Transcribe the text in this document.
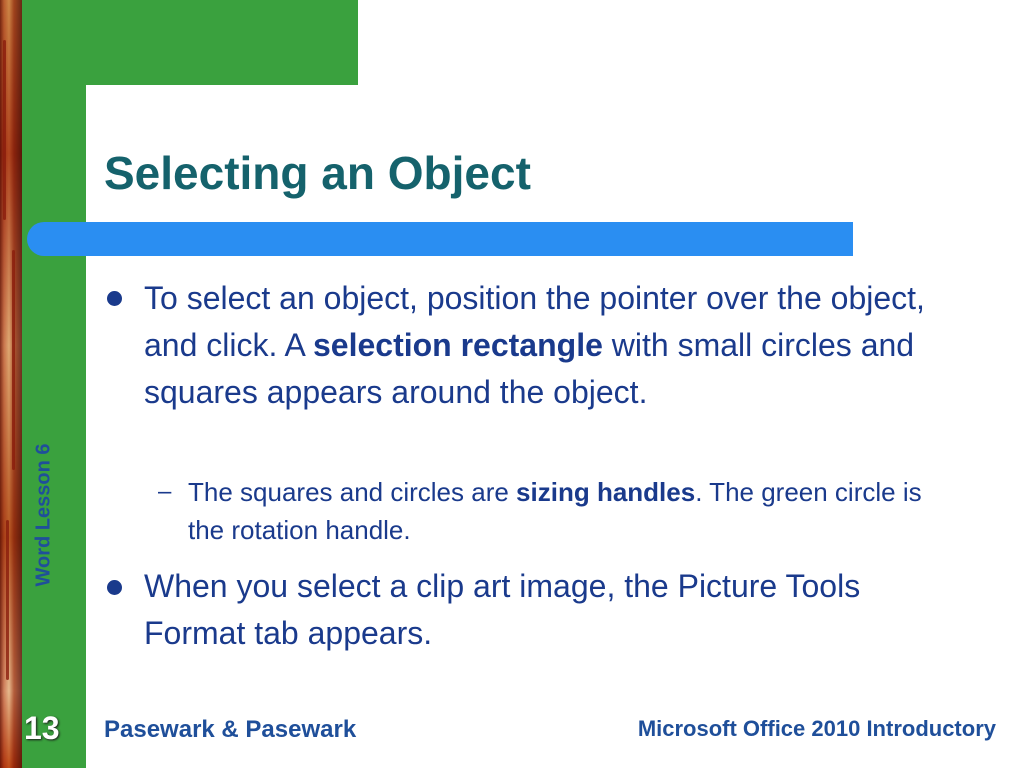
Word Lesson 6
Selecting an Object

To select an object, position the pointer over the object, and click. A selection rectangle with small circles and squares appears around the object.

– The squares and circles are sizing handles. The green circle is the rotation handle.

When you select a clip art image, the Picture Tools Format tab appears.

13 Pasewark & Pasewark	Microsoft Office 2010 Introductory
